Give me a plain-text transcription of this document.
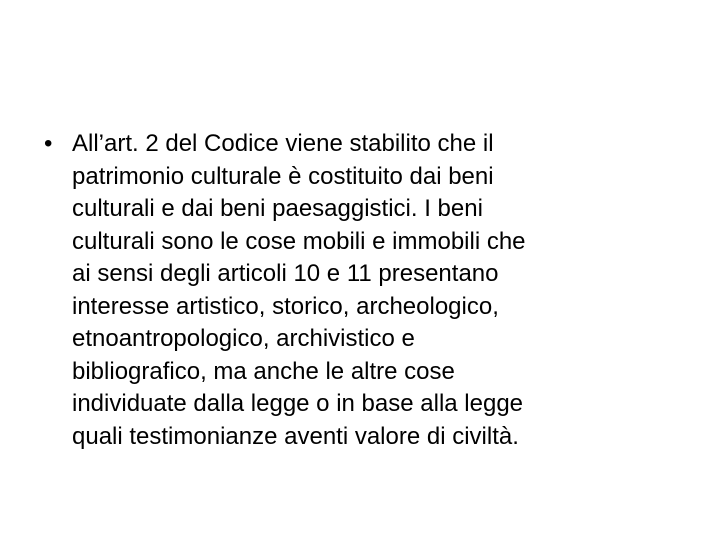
• All’art. 2 del Codice viene stabilito che il
patrimonio culturale è costituito dai beni
culturali e dai beni paesaggistici. I beni
culturali sono le cose mobili e immobili che
ai sensi degli articoli 10 e 11 presentano
interesse artistico, storico, archeologico,
etnoantropologico, archivistico e
bibliografico, ma anche le altre cose
individuate dalla legge o in base alla legge
quali testimonianze aventi valore di civiltà.
